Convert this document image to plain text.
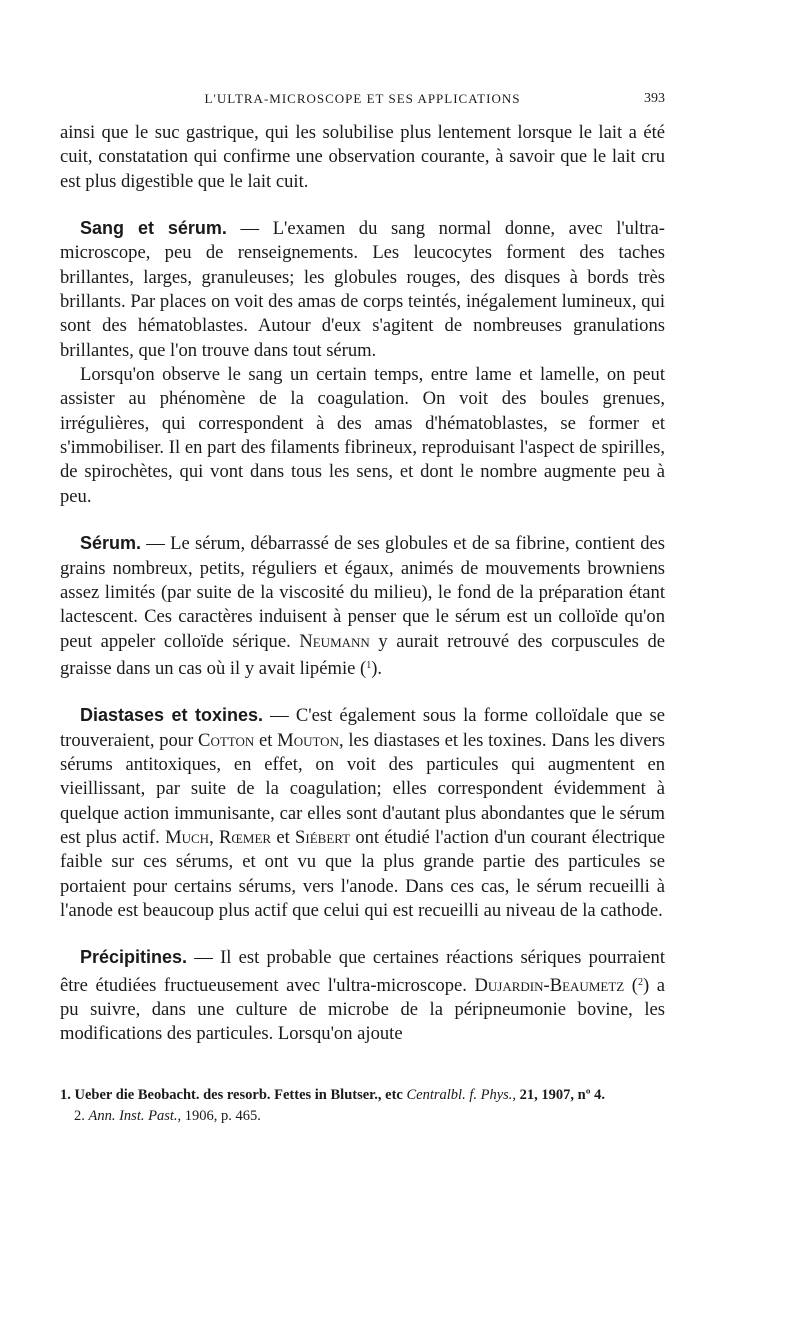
L'ULTRA-MICROSCOPE ET SES APPLICATIONS	393

ainsi que le suc gastrique, qui les solubilise plus lentement lorsque le lait a été cuit, constatation qui confirme une observation courante, à savoir que le lait cru est plus digestible que le lait cuit.

Sang et sérum. — L'examen du sang normal donne, avec l'ultra-microscope, peu de renseignements. Les leucocytes forment des taches brillantes, larges, granuleuses; les globules rouges, des disques à bords très brillants. Par places on voit des amas de corps teintés, inégalement lumineux, qui sont des hématoblastes. Autour d'eux s'agitent de nombreuses granulations brillantes, que l'on trouve dans tout sérum.

Lorsqu'on observe le sang un certain temps, entre lame et lamelle, on peut assister au phénomène de la coagulation. On voit des boules grenues, irrégulières, qui correspondent à des amas d'hématoblastes, se former et s'immobiliser. Il en part des filaments fibrineux, reproduisant l'aspect de spirilles, de spirochètes, qui vont dans tous les sens, et dont le nombre augmente peu à peu.

Sérum. — Le sérum, débarrassé de ses globules et de sa fibrine, contient des grains nombreux, petits, réguliers et égaux, animés de mouvements browniens assez limités (par suite de la viscosité du milieu), le fond de la préparation étant lactescent. Ces caractères induisent à penser que le sérum est un colloïde qu'on peut appeler colloïde sérique. Neumann y aurait retrouvé des corpuscules de graisse dans un cas où il y avait lipémie ($^1$).

Diastases et toxines. — C'est également sous la forme colloïdale que se trouveraient, pour Cotton et Mouton, les diastases et les toxines. Dans les divers sérums antitoxiques, en effet, on voit des particules qui augmentent en vieillissant, par suite de la coagulation; elles correspondent évidemment à quelque action immunisante, car elles sont d'autant plus abondantes que le sérum est plus actif. Much, Rœmer et Siébert ont étudié l'action d'un courant électrique faible sur ces sérums, et ont vu que la plus grande partie des particules se portaient pour certains sérums, vers l'anode. Dans ces cas, le sérum recueilli à l'anode est beaucoup plus actif que celui qui est recueilli au niveau de la cathode.

Précipitines. — Il est probable que certaines réactions sériques pourraient être étudiées fructueusement avec l'ultra-microscope. Dujardin-Beaumetz ($^2$) a pu suivre, dans une culture de microbe de la péripneumonie bovine, les modifications des particules. Lorsqu'on ajoute

1. Ueber die Beobacht. des resorb. Fettes in Blutser., etc Centralbl. f. Phys., 21, 1907, nº 4.

2. Ann. Inst. Past., 1906, p. 465.
